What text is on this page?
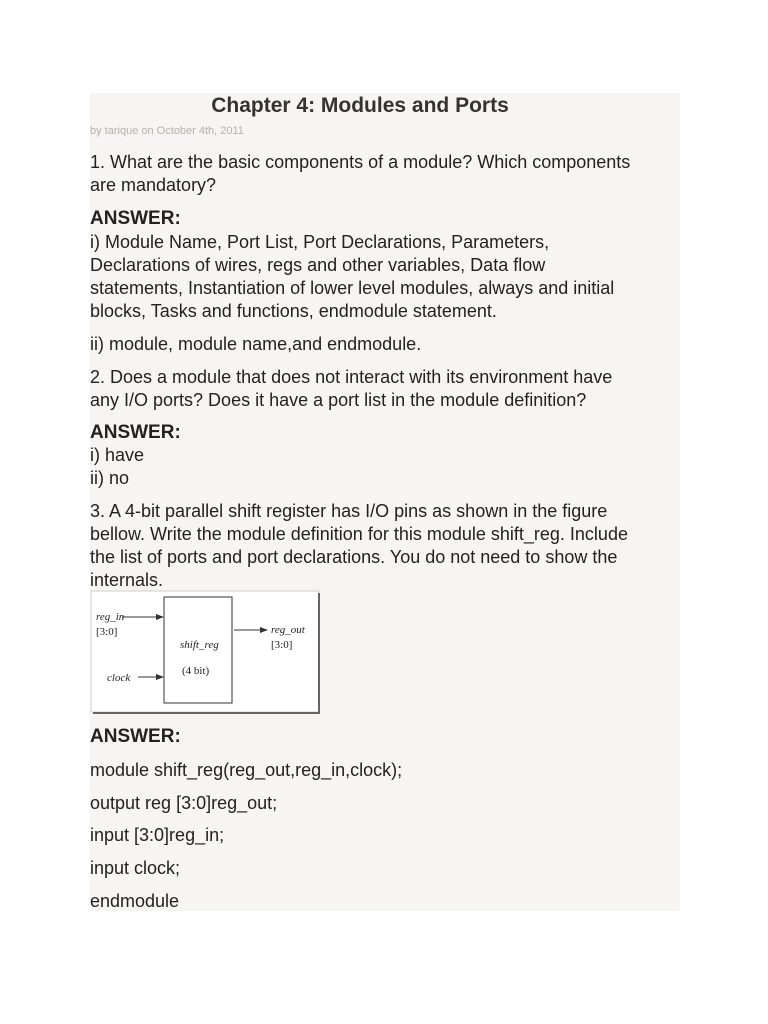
Chapter 4: Modules and Ports
by tarique on October 4th, 2011
1. What are the basic components of a module? Which components
are mandatory?
ANSWER:
i) Module Name, Port List, Port Declarations, Parameters,
Declarations of wires, regs and other variables, Data flow
statements, Instantiation of lower level modules, always and initial
blocks, Tasks and functions, endmodule statement.
ii) module, module name,and endmodule.
2. Does a module that does not interact with its environment have
any I/O ports? Does it have a port list in the module definition?
ANSWER:
i) have
ii) no
3. A 4-bit parallel shift register has I/O pins as shown in the figure
bellow. Write the module definition for this module shift_reg. Include
the list of ports and port declarations. You do not need to show the
internals.
reg_in
[3:0]
clock
shift_reg
(4 bit)
reg_out
[3:0]
ANSWER:
module shift_reg(reg_out,reg_in,clock);
output reg [3:0]reg_out;
input [3:0]reg_in;
input clock;
endmodule
